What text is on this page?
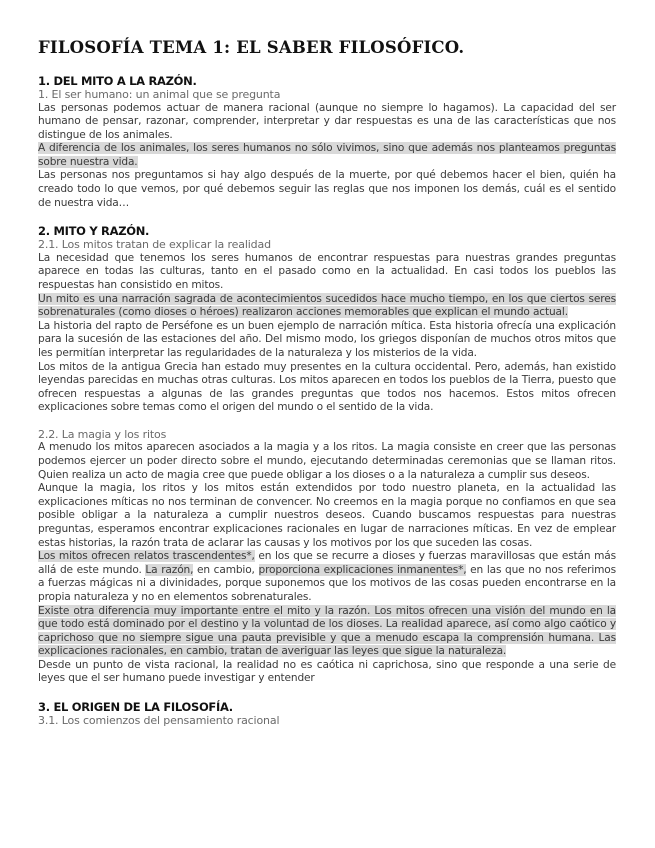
FILOSOFÍA TEMA 1: EL SABER FILOSÓFICO.
1. DEL MITO A LA RAZÓN.
1. El ser humano: un animal que se pregunta

Las personas podemos actuar de manera racional (aunque no siempre lo hagamos). La capacidad del ser humano de pensar, razonar, comprender, interpretar y dar respuestas es una de las características que nos distingue de los animales.

A diferencia de los animales, los seres humanos no sólo vivimos, sino que además nos planteamos preguntas sobre nuestra vida.

Las personas nos preguntamos si hay algo después de la muerte, por qué debemos hacer el bien, quién ha creado todo lo que vemos, por qué debemos seguir las reglas que nos imponen los demás, cuál es el sentido de nuestra vida…

2. MITO Y RAZÓN.
2.1. Los mitos tratan de explicar la realidad

La necesidad que tenemos los seres humanos de encontrar respuestas para nuestras grandes preguntas aparece en todas las culturas, tanto en el pasado como en la actualidad. En casi todos los pueblos las respuestas han consistido en mitos.

Un mito es una narración sagrada de acontecimientos sucedidos hace mucho tiempo, en los que ciertos seres sobrenaturales (como dioses o héroes) realizaron acciones memorables que explican el mundo actual.

La historia del rapto de Perséfone es un buen ejemplo de narración mítica. Esta historia ofrecía una explicación para la sucesión de las estaciones del año. Del mismo modo, los griegos disponían de muchos otros mitos que les permitían interpretar las regularidades de la naturaleza y los misterios de la vida.

Los mitos de la antigua Grecia han estado muy presentes en la cultura occidental. Pero, además, han existido leyendas parecidas en muchas otras culturas. Los mitos aparecen en todos los pueblos de la Tierra, puesto que ofrecen respuestas a algunas de las grandes preguntas que todos nos hacemos. Estos mitos ofrecen explicaciones sobre temas como el origen del mundo o el sentido de la vida.

2.2. La magia y los ritos

A menudo los mitos aparecen asociados a la magia y a los ritos. La magia consiste en creer que las personas podemos ejercer un poder directo sobre el mundo, ejecutando determinadas ceremonias que se llaman ritos. Quien realiza un acto de magia cree que puede obligar a los dioses o a la naturaleza a cumplir sus deseos.

Aunque la magia, los ritos y los mitos están extendidos por todo nuestro planeta, en la actualidad las explicaciones míticas no nos terminan de convencer. No creemos en la magia porque no confiamos en que sea posible obligar a la naturaleza a cumplir nuestros deseos. Cuando buscamos respuestas para nuestras preguntas, esperamos encontrar explicaciones racionales en lugar de narraciones míticas. En vez de emplear estas historias, la razón trata de aclarar las causas y los motivos por los que suceden las cosas.

Los mitos ofrecen relatos trascendentes*, en los que se recurre a dioses y fuerzas maravillosas que están más allá de este mundo. La razón, en cambio, proporciona explicaciones inmanentes*, en las que no nos referimos a fuerzas mágicas ni a divinidades, porque suponemos que los motivos de las cosas pueden encontrarse en la propia naturaleza y no en elementos sobrenaturales.

Existe otra diferencia muy importante entre el mito y la razón. Los mitos ofrecen una visión del mundo en la que todo está dominado por el destino y la voluntad de los dioses. La realidad aparece, así como algo caótico y caprichoso que no siempre sigue una pauta previsible y que a menudo escapa la comprensión humana. Las explicaciones racionales, en cambio, tratan de averiguar las leyes que sigue la naturaleza.

Desde un punto de vista racional, la realidad no es caótica ni caprichosa, sino que responde a una serie de leyes que el ser humano puede investigar y entender

3. EL ORIGEN DE LA FILOSOFÍA.
3.1. Los comienzos del pensamiento racional
